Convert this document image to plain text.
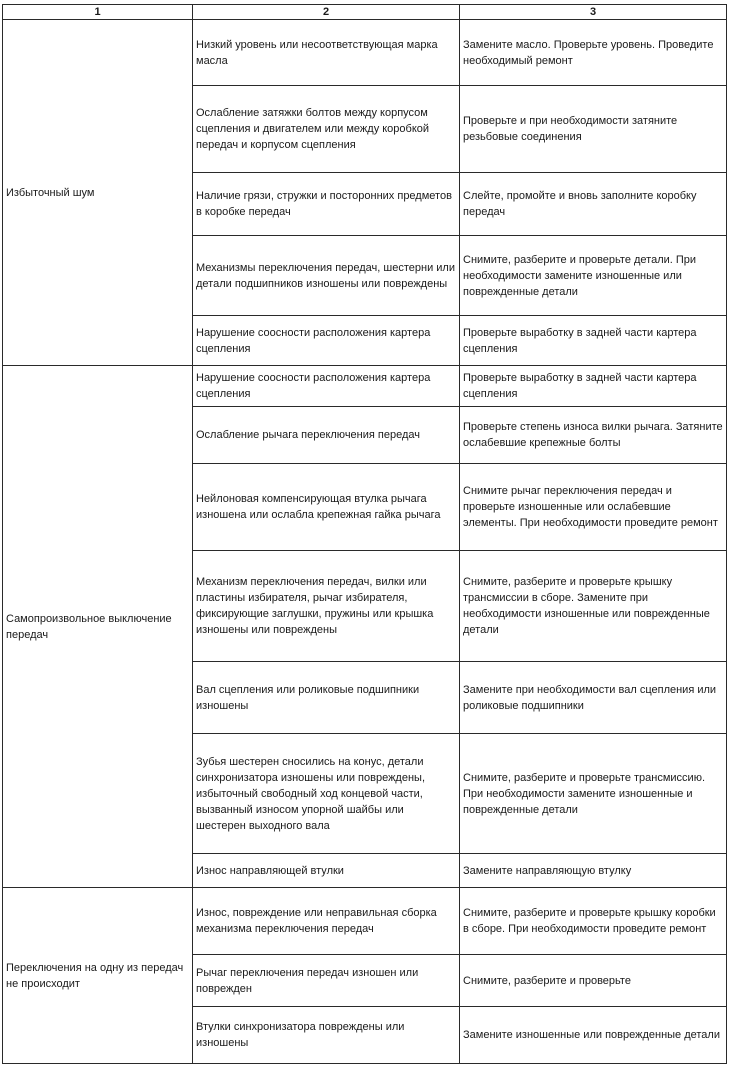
1	2	3
Избыточный шум	Низкий уровень или несоответствующая марка масла	Замените масло. Проверьте уровень. Проведите необходимый ремонт
	Ослабление затяжки болтов между корпусом сцепления и двигателем или между коробкой передач и корпусом сцепления	Проверьте и при необходимости затяните резьбовые соединения
	Наличие грязи, стружки и посторонних предметов в коробке передач	Слейте, промойте и вновь заполните коробку передач
	Механизмы переключения передач, шестерни или детали подшипников изношены или повреждены	Снимите, разберите и проверьте детали. При необходимости замените изношенные или поврежденные детали
	Нарушение соосности расположения картера сцепления	Проверьте выработку в задней части картера сцепления
Самопроизвольное выключение передач	Нарушение соосности расположения картера сцепления	Проверьте выработку в задней части картера сцепления
	Ослабление рычага переключения передач	Проверьте степень износа вилки рычага. Затяните ослабевшие крепежные болты
	Нейлоновая компенсирующая втулка рычага изношена или ослабла крепежная гайка рычага	Снимите рычаг переключения передач и проверьте изношенные или ослабевшие элементы. При необходимости проведите ремонт
	Механизм переключения передач, вилки или пластины избирателя, рычаг избирателя, фиксирующие заглушки, пружины или крышка изношены или повреждены	Снимите, разберите и проверьте крышку трансмиссии в сборе. Замените при необходимости изношенные или поврежденные детали
	Вал сцепления или роликовые подшипники изношены	Замените при необходимости вал сцепления или роликовые подшипники
	Зубья шестерен сносились на конус, детали синхронизатора изношены или повреждены, избыточный свободный ход концевой части, вызванный износом упорной шайбы или шестерен выходного вала	Снимите, разберите и проверьте трансмиссию. При необходимости замените изношенные и поврежденные детали
	Износ направляющей втулки	Замените направляющую втулку
Переключения на одну из передач не происходит	Износ, повреждение или неправильная сборка механизма переключения передач	Снимите, разберите и проверьте крышку коробки в сборе. При необходимости проведите ремонт
	Рычаг переключения передач изношен или поврежден	Снимите, разберите и проверьте
	Втулки синхронизатора повреждены или изношены	Замените изношенные или поврежденные детали
